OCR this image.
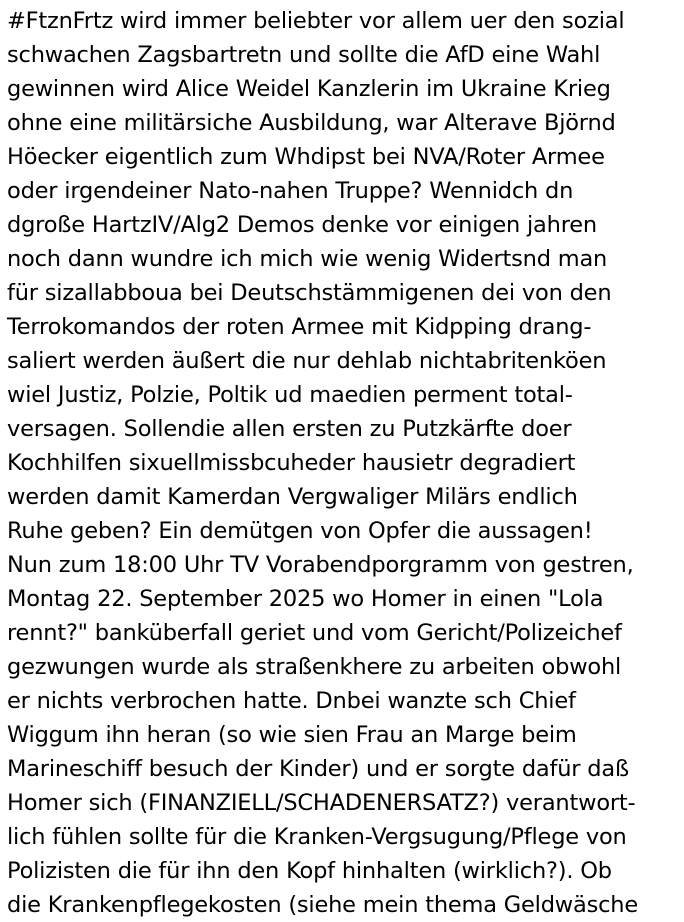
#FtznFrtz wird immer beliebter vor allem uer den sozial
schwachen Zagsbartretn und sollte die AfD eine Wahl
gewinnen wird Alice Weidel Kanzlerin im Ukraine Krieg
ohne eine militärsiche Ausbildung, war Alterave Björnd
Höecker eigentlich zum Whdipst bei NVA/Roter Armee
oder irgendeiner Nato-nahen Truppe? Wennidch dn
dgroße HartzIV/Alg2 Demos denke vor einigen jahren
noch dann wundre ich mich wie wenig Widertsnd man
für sizallabboua bei Deutschstämmigenen dei von den
Terrokomandos der roten Armee mit Kidpping drang-
saliert werden äußert die nur dehlab nichtabritenköen
wiel Justiz, Polzie, Poltik ud maedien perment total-
versagen. Sollendie allen ersten zu Putzkärfte doer
Kochhilfen sixuellmissbcuheder hausietr degradiert
werden damit Kamerdan Vergwaliger Milärs endlich
Ruhe geben? Ein demütgen von Opfer die aussagen!
Nun zum 18:00 Uhr TV Vorabendporgramm von gestren,
Montag 22. September 2025 wo Homer in einen "Lola
rennt?" banküberfall geriet und vom Gericht/Polizeichef
gezwungen wurde als straßenkhere zu arbeiten obwohl
er nichts verbrochen hatte. Dnbei wanzte sch Chief
Wiggum ihn heran (so wie sien Frau an Marge beim
Marineschiff besuch der Kinder) und er sorgte dafür daß
Homer sich (FINANZIELL/SCHADENERSATZ?) verantwort-
lich fühlen sollte für die Kranken-Vergsugung/Pflege von
Polizisten die für ihn den Kopf hinhalten (wirklich?). Ob
die Krankenpflegekosten (siehe mein thema Geldwäsche
